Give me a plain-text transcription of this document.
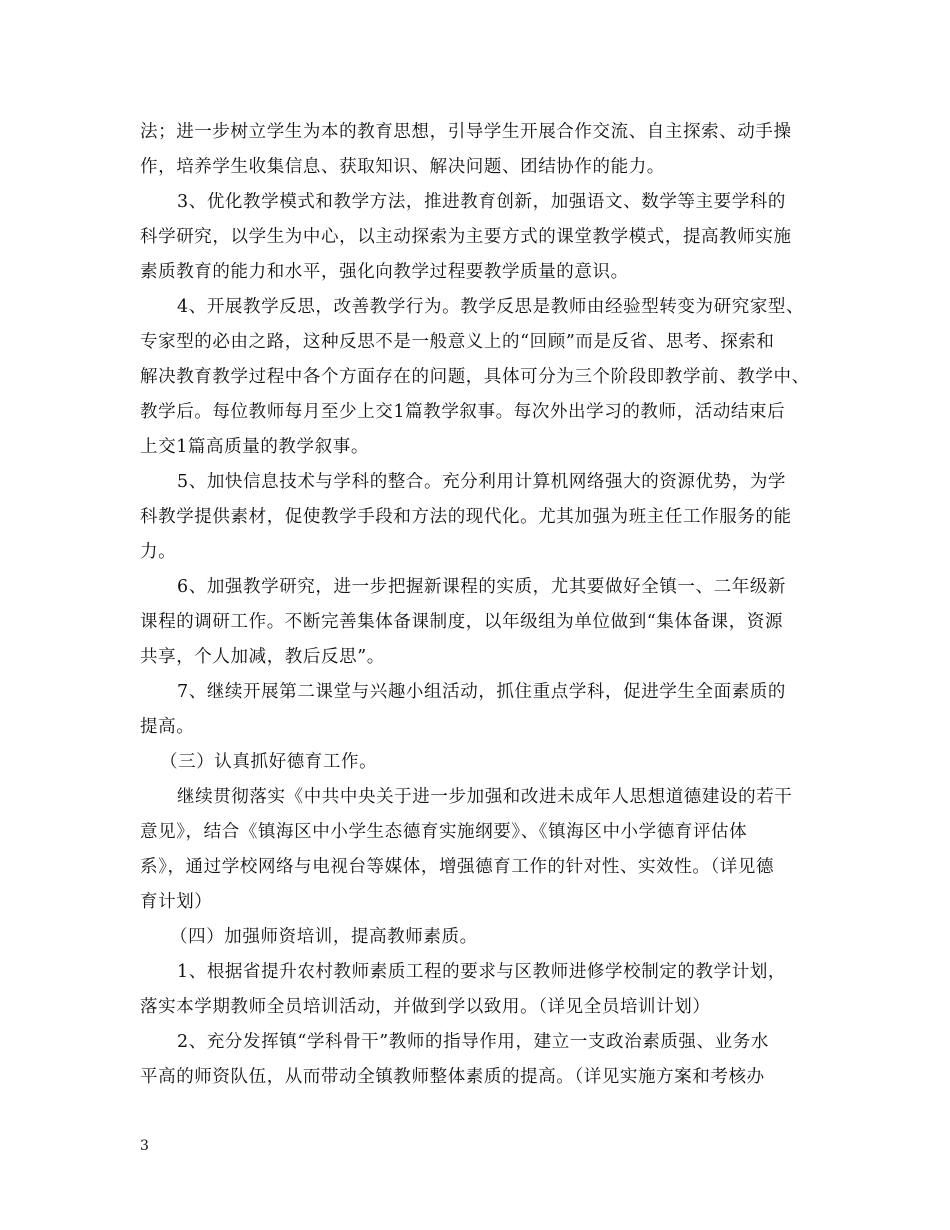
法；进一步树立学生为本的教育思想，引导学生开展合作交流、自主探索、动手操
作，培养学生收集信息、获取知识、解决问题、团结协作的能力。
3、优化教学模式和教学方法，推进教育创新，加强语文、数学等主要学科的
科学研究，以学生为中心，以主动探索为主要方式的课堂教学模式，提高教师实施
素质教育的能力和水平，强化向教学过程要教学质量的意识。
4、开展教学反思，改善教学行为。教学反思是教师由经验型转变为研究家型、
专家型的必由之路，这种反思不是一般意义上的“回顾”而是反省、思考、探索和
解决教育教学过程中各个方面存在的问题，具体可分为三个阶段即教学前、教学中、
教学后。每位教师每月至少上交1篇教学叙事。每次外出学习的教师，活动结束后
上交1篇高质量的教学叙事。
5、加快信息技术与学科的整合。充分利用计算机网络强大的资源优势，为学
科教学提供素材，促使教学手段和方法的现代化。尤其加强为班主任工作服务的能
力。
6、加强教学研究，进一步把握新课程的实质，尤其要做好全镇一、二年级新
课程的调研工作。不断完善集体备课制度，以年级组为单位做到“集体备课，资源
共享，个人加减，教后反思”。
7、继续开展第二课堂与兴趣小组活动，抓住重点学科，促进学生全面素质的
提高。
（三）认真抓好德育工作。
继续贯彻落实《中共中央关于进一步加强和改进未成年人思想道德建设的若干
意见》，结合《镇海区中小学生态德育实施纲要》、《镇海区中小学德育评估体
系》，通过学校网络与电视台等媒体，增强德育工作的针对性、实效性。（详见德
育计划）
（四）加强师资培训，提高教师素质。
1、根据省提升农村教师素质工程的要求与区教师进修学校制定的教学计划，
落实本学期教师全员培训活动，并做到学以致用。（详见全员培训计划）
2、充分发挥镇“学科骨干”教师的指导作用，建立一支政治素质强、业务水
平高的师资队伍，从而带动全镇教师整体素质的提高。（详见实施方案和考核办
3
